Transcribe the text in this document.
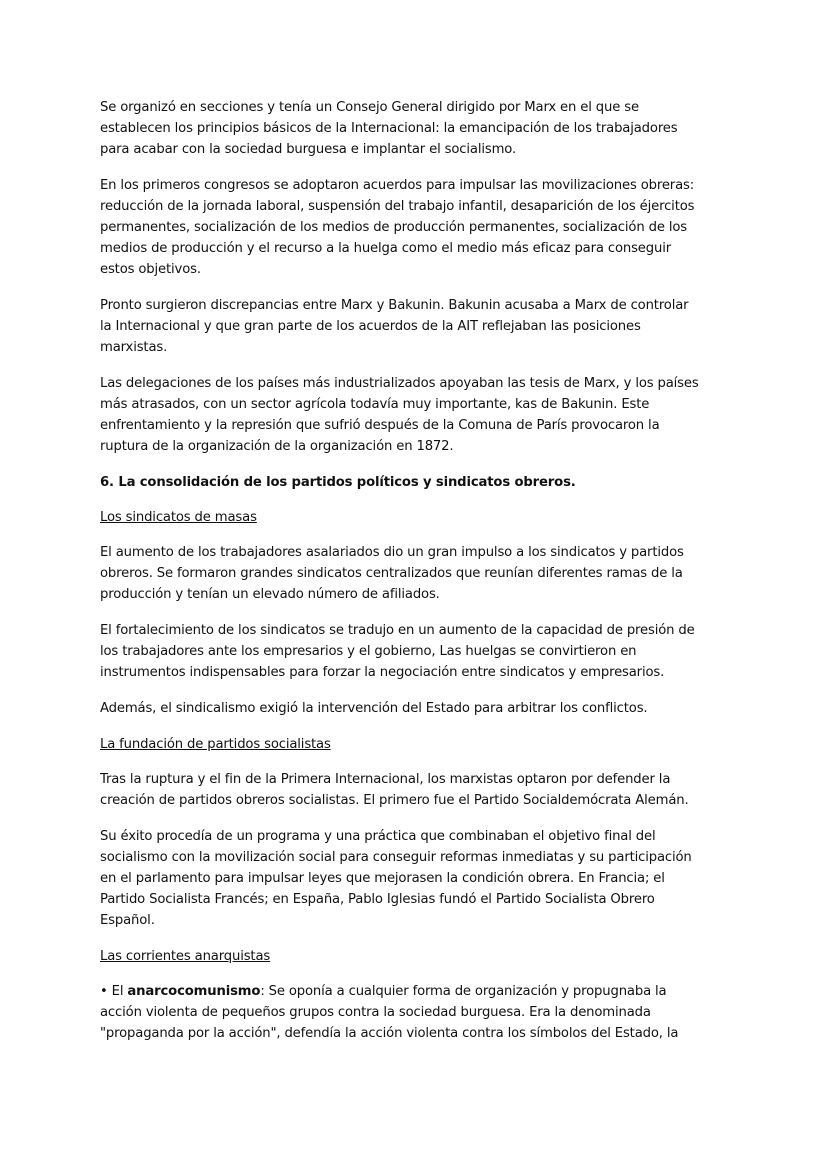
Se organizó en secciones y tenía un Consejo General dirigido por Marx en el que se
establecen los principios básicos de la Internacional: la emancipación de los trabajadores
para acabar con la sociedad burguesa e implantar el socialismo.
En los primeros congresos se adoptaron acuerdos para impulsar las movilizaciones obreras:
reducción de la jornada laboral, suspensión del trabajo infantil, desaparición de los éjercitos
permanentes, socialización de los medios de producción permanentes, socialización de los
medios de producción y el recurso a la huelga como el medio más eficaz para conseguir
estos objetivos.
Pronto surgieron discrepancias entre Marx y Bakunin. Bakunin acusaba a Marx de controlar
la Internacional y que gran parte de los acuerdos de la AIT reflejaban las posiciones
marxistas.
Las delegaciones de los países más industrializados apoyaban las tesis de Marx, y los países
más atrasados, con un sector agrícola todavía muy importante, kas de Bakunin. Este
enfrentamiento y la represión que sufrió después de la Comuna de París provocaron la
ruptura de la organización de la organización en 1872.
6. La consolidación de los partidos políticos y sindicatos obreros.
Los sindicatos de masas
El aumento de los trabajadores asalariados dio un gran impulso a los sindicatos y partidos
obreros. Se formaron grandes sindicatos centralizados que reunían diferentes ramas de la
producción y tenían un elevado número de afiliados.
El fortalecimiento de los sindicatos se tradujo en un aumento de la capacidad de presión de
los trabajadores ante los empresarios y el gobierno, Las huelgas se convirtieron en
instrumentos indispensables para forzar la negociación entre sindicatos y empresarios.
Además, el sindicalismo exigió la intervención del Estado para arbitrar los conflictos.
La fundación de partidos socialistas
Tras la ruptura y el fin de la Primera Internacional, los marxistas optaron por defender la
creación de partidos obreros socialistas. El primero fue el Partido Socialdemócrata Alemán.
Su éxito procedía de un programa y una práctica que combinaban el objetivo final del
socialismo con la movilización social para conseguir reformas inmediatas y su participación
en el parlamento para impulsar leyes que mejorasen la condición obrera. En Francia; el
Partido Socialista Francés; en España, Pablo Iglesias fundó el Partido Socialista Obrero
Español.
Las corrientes anarquistas
• El anarcocomunismo: Se oponía a cualquier forma de organización y propugnaba la
acción violenta de pequeños grupos contra la sociedad burguesa. Era la denominada
"propaganda por la acción", defendía la acción violenta contra los símbolos del Estado, la
